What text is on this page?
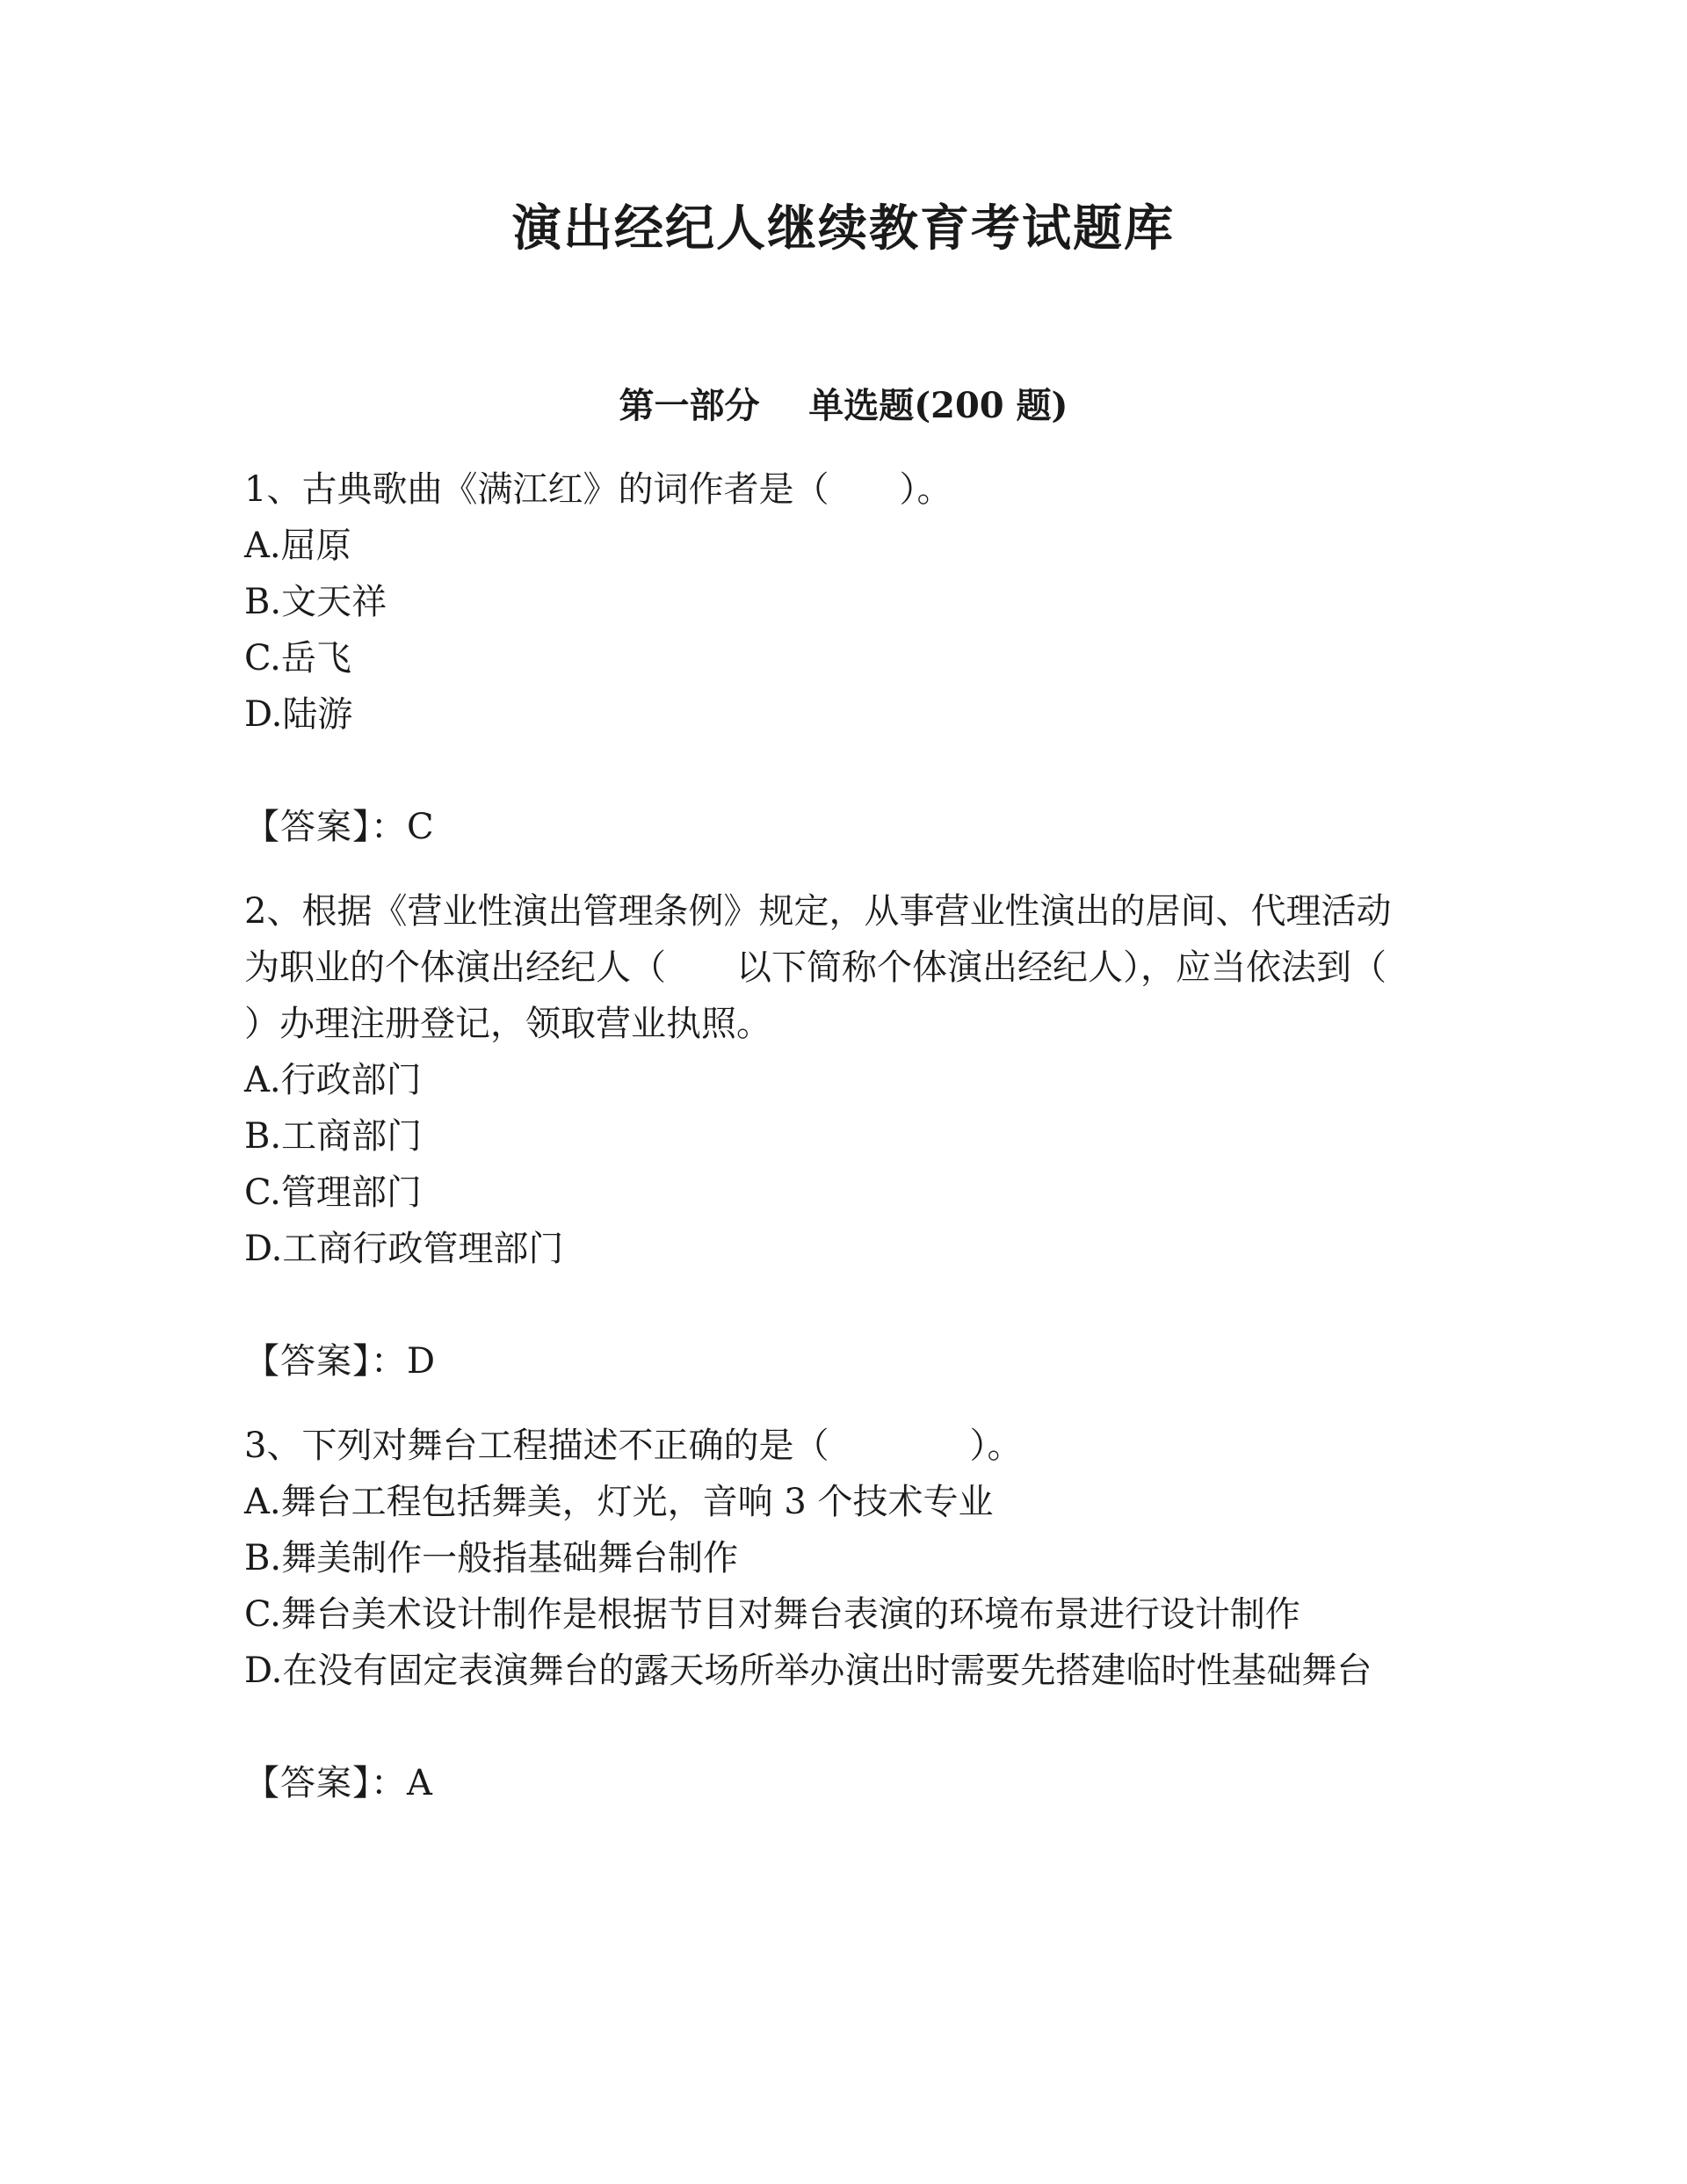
演出经纪人继续教育考试题库
第一部分    单选题(200 题)

1、古典歌曲《满江红》的词作者是（　　）。

A.屈原

B.文天祥

C.岳飞

D.陆游

【答案】：C

2、根据《营业性演出管理条例》规定，从事营业性演出的居间、代理活动为职业的个体演出经纪人（　　以下简称个体演出经纪人），应当依法到（　　）办理注册登记，领取营业执照。

A.行政部门

B.工商部门

C.管理部门

D.工商行政管理部门

【答案】：D

3、下列对舞台工程描述不正确的是（　　　　）。

A.舞台工程包括舞美，灯光，音响 3 个技术专业

B.舞美制作一般指基础舞台制作

C.舞台美术设计制作是根据节目对舞台表演的环境布景进行设计制作

D.在没有固定表演舞台的露天场所举办演出时需要先搭建临时性基础舞台

【答案】：A
